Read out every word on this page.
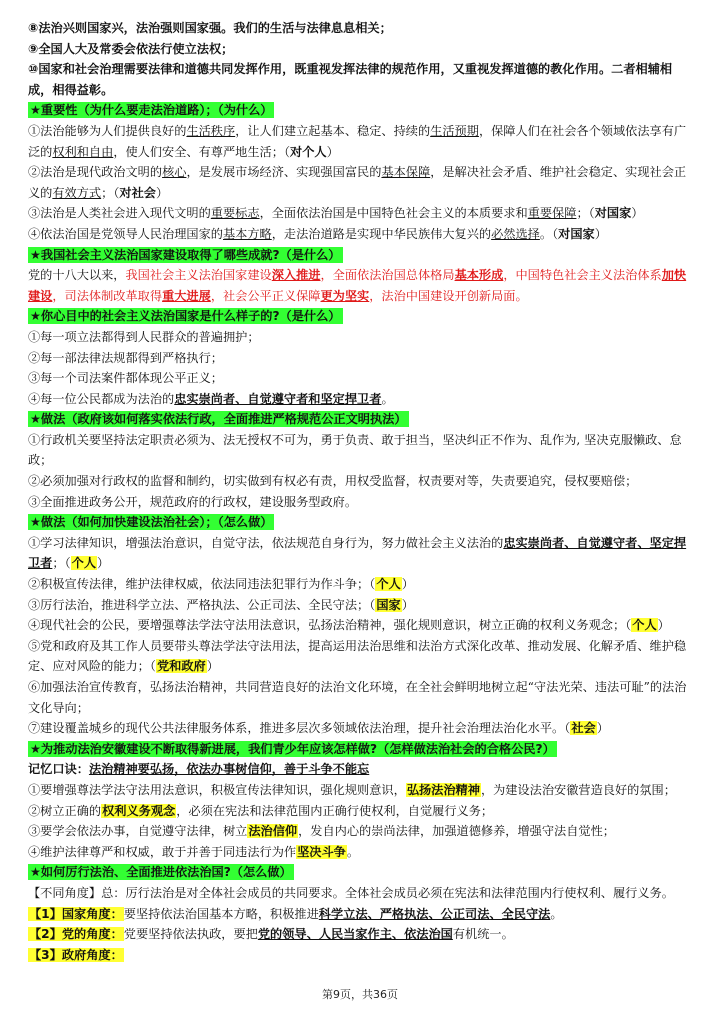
⑧法治兴则国家兴，法治强则国家强。我们的生活与法律息息相关；

⑨全国人大及常委会依法行使立法权；

⑩国家和社会治理需要法律和道德共同发挥作用，既重视发挥法律的规范作用，又重视发挥道德的教化作用。二者相辅相成，相得益彰。

★重要性（为什么要走法治道路）；（为什么）

①法治能够为人们提供良好的生活秩序，让人们建立起基本、稳定、持续的生活预期，保障人们在社会各个领域依法享有广泛的权利和自由，使人们安全、有尊严地生活；（对个人）

②法治是现代政治文明的核心，是发展市场经济、实现强国富民的基本保障，是解决社会矛盾、维护社会稳定、实现社会正义的有效方式；（对社会）

③法治是人类社会进入现代文明的重要标志，全面依法治国是中国特色社会主义的本质要求和重要保障；（对国家）

④依法治国是党领导人民治理国家的基本方略，走法治道路是实现中华民族伟大复兴的必然选择。（对国家）

★我国社会主义法治国家建设取得了哪些成就?（是什么）

党的十八大以来，我国社会主义法治国家建设深入推进，全面依法治国总体格局基本形成，中国特色社会主义法治体系加快建设，司法体制改革取得重大进展，社会公平正义保障更为坚实，法治中国建设开创新局面。

★你心目中的社会主义法治国家是什么样子的?（是什么）

①每一项立法都得到人民群众的普遍拥护；

②每一部法律法规都得到严格执行；

③每一个司法案件都体现公平正义；

④每一位公民都成为法治的忠实崇尚者、自觉遵守者和坚定捍卫者。

★做法（政府该如何落实依法行政，全面推进严格规范公正文明执法）

①行政机关要坚持法定职责必须为、法无授权不可为，勇于负责、敢于担当，坚决纠正不作为、乱作为, 坚决克服懒政、怠政；

②必须加强对行政权的监督和制约，切实做到有权必有责，用权受监督，权责要对等，失责要追究，侵权要赔偿；

③全面推进政务公开，规范政府的行政权，建设服务型政府。

★做法（如何加快建设法治社会）；（怎么做）

①学习法律知识，增强法治意识，自觉守法，依法规范自身行为，努力做社会主义法治的忠实崇尚者、自觉遵守者、坚定捍卫者；（个人）

②积极宣传法律，维护法律权威，依法同违法犯罪行为作斗争；（个人）

③厉行法治，推进科学立法、严格执法、公正司法、全民守法；（国家）

④现代社会的公民，要增强尊法学法守法用法意识，弘扬法治精神，强化规则意识，树立正确的权利义务观念；（个人）

⑤党和政府及其工作人员要带头尊法学法守法用法，提高运用法治思维和法治方式深化改革、推动发展、化解矛盾、维护稳定、应对风险的能力；（党和政府）

⑥加强法治宣传教育，弘扬法治精神，共同营造良好的法治文化环境，在全社会鲜明地树立起“守法光荣、违法可耻”的法治文化导向；

⑦建设覆盖城乡的现代公共法律服务体系，推进多层次多领域依法治理，提升社会治理法治化水平。（社会）

★为推动法治安徽建设不断取得新进展，我们青少年应该怎样做?（怎样做法治社会的合格公民?）

记忆口诀：法治精神要弘扬，依法办事树信仰，善于斗争不能忘

①要增强尊法学法守法用法意识，积极宣传法律知识，强化规则意识，弘扬法治精神，为建设法治安徽营造良好的氛围；

②树立正确的权利义务观念，必须在宪法和法律范围内正确行使权利，自觉履行义务；

③要学会依法办事，自觉遵守法律，树立法治信仰，发自内心的崇尚法律，加强道德修养，增强守法自觉性；

④维护法律尊严和权威，敢于并善于同违法行为作坚决斗争。

★如何厉行法治、全面推进依法治国?（怎么做）

【不同角度】总：厉行法治是对全体社会成员的共同要求。全体社会成员必须在宪法和法律范围内行使权利、履行义务。

【1】国家角度：要坚持依法治国基本方略，积极推进科学立法、严格执法、公正司法、全民守法。

【2】党的角度：党要坚持依法执政，要把党的领导、人民当家作主、依法治国有机统一。

【3】政府角度：

第9页，共36页
